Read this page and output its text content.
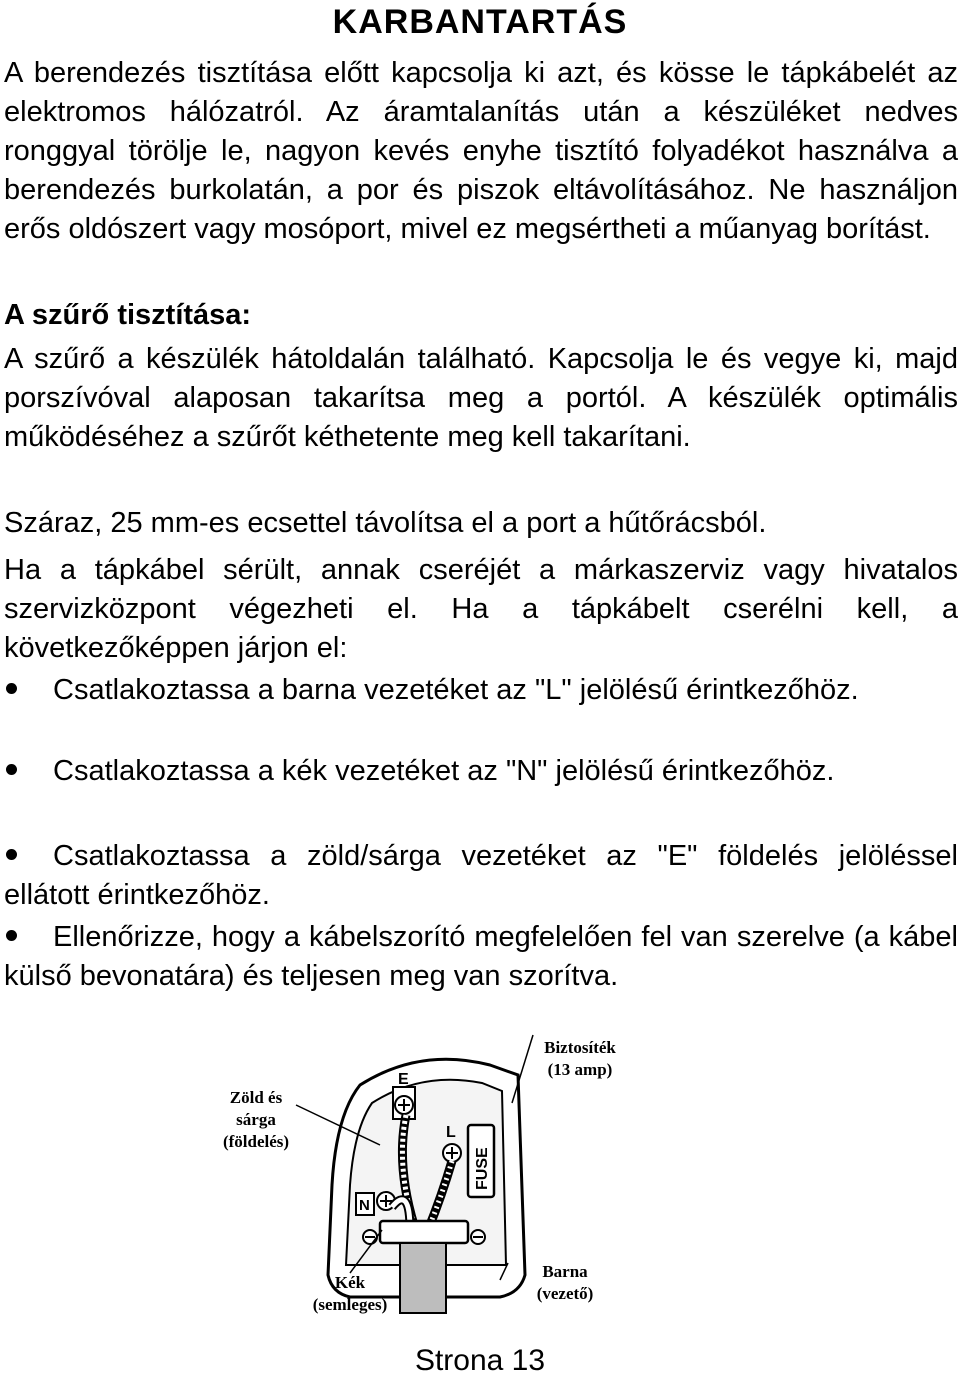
KARBANTARTÁS
A berendezés tisztítása előtt kapcsolja ki azt, és kösse le tápkábelét az elektromos hálózatról. Az áramtalanítás után a készüléket nedves ronggyal törölje le, nagyon kevés enyhe tisztító folyadékot használva a berendezés burkolatán, a por és piszok eltávolításához. Ne használjon erős oldószert vagy mosóport, mivel ez megsértheti a műanyag borítást.
A szűrő tisztítása:
A szűrő a készülék hátoldalán található. Kapcsolja le és vegye ki, majd porszívóval alaposan takarítsa meg a portól. A készülék optimális működéséhez a szűrőt kéthetente meg kell takarítani.
Száraz, 25 mm-es ecsettel távolítsa el a port a hűtőrácsból.
Ha a tápkábel sérült, annak cseréjét a márkaszerviz vagy hivatalos szervizközpont végezheti el. Ha a tápkábelt cserélni kell, a következőképpen járjon el:
Csatlakoztassa a barna vezetéket az "L" jelölésű érintkezőhöz.
Csatlakoztassa a kék vezetéket az "N" jelölésű érintkezőhöz.
Csatlakoztassa a zöld/sárga vezetéket az "E" földelés jelöléssel ellátott érintkezőhöz.
Ellenőrizze, hogy a kábelszorító megfelelően fel van szerelve (a kábel külső bevonatára) és teljesen meg van szorítva.
FUSE
E
L
N
Biztosíték
(13 amp)
Zöld és
sárga
(földelés)
Kék
(semleges)
Barna
(vezető)
Strona 13
